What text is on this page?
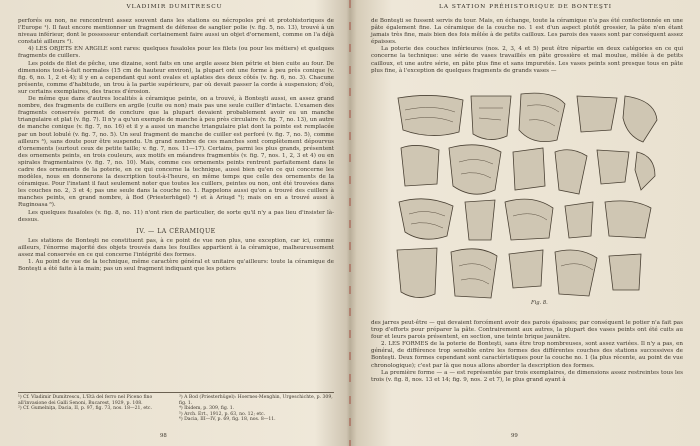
VLADIMIR DUMITRESCU

perforés ou non, ne rencontrent assez souvent dans les stations ou nécropoles pré et protohistoriques de l'Europe ¹). Il faut encore mentionner un fragment de défense de sanglier polie (v. fig. 5, no. 13), trouvé à un niveau inférieur, dont le possesseur entendait certainement faire aussi un objet d'ornement, comme on l'a déjà constaté ailleurs ²).

4) LES OBJETS EN ARGILE sont rares: quelques fusaïoles pour les filets (ou pour les métiers) et quelques fragments de cuillers.

Les poids de filet de pêche, une dizaine, sont faits en une argile assez bien pétrie et bien cuite au four. De dimensions tout-à-fait normales (15 cm de hauteur environ), la plupart ont une forme à peu près conique (v. fig. 6, no. 1, 2 et 4); il y en a cependant qui sont ovales et aplaties des deux côtés (v. fig. 6, no. 3). Chacune présente, comme d'habitude, un trou à la partie supérieure, par où devait passer la corde à suspension; d'où, sur certains exemplaires, des traces d'érosion.

De même que dans d'autres localités à céramique peinte, on a trouvé, à Bonteşti aussi, en assez grand nombre, des fragments de cuillers en argile (cuite ou non) mais pas une seule cuiller d'intacte. L'examen des fragments conservés permet de conclure que la plupart devaient probablement avoir eu un manche triangulaire et plat (v. fig. 7). Il n'y a qu'un exemple de manche à peu près circulaire (v. fig. 7, no. 13), un autre de manche conique (v. fig. 7, no. 16) et il y a aussi un manche triangulaire plat dont la pointe est remplacée par un bout lobulé (v. fig. 7, no. 5). Un seul fragment de manche de cuiller est perforé (v. fig. 7, no. 5), comme ailleurs ³), sans doute pour être suspendu. Un grand nombre de ces manches sont complètement dépourvus d'ornements (surtout ceux de petite taille; v. fig. 7, nos. 11—17). Certains, parmi les plus grands, présentent des ornements peints, en trois couleurs, aux motifs en méandres fragmentés (v. fig. 7, nos. 1, 2, 3 et 4) ou en spirales fragmentaires (v. fig. 7, no. 10). Mais, comme ces ornements peints rentrent parfaitement dans le cadre des ornements de la poterie, en ce qui concerne la technique, aussi bien qu'en ce qui concerne les modèles, nous en donnerons la description tout-à-l'heure, en même temps que celle des ornements de la céramique. Pour l'instant il faut seulement noter que toutes les cuillers, peintes ou non, ont été trouvées dans les couches no. 2, 3 et 4; pas une seule dans la couche no. 1. Rappelons aussi qu'on a trouvé des cuillers à manches peints, en grand nombre, à Bod (Priesterhügel) ⁴) et à Ariuşd ⁵); mais on en a trouvé aussi à Ruginoasa ⁶).

Les quelques fusaïoles (v. fig. 8, no. 11) n'ont rien de particulier, de sorte qu'il n'y a pas lieu d'insister là-dessus.

IV. — LA CÉRAMIQUE

Les stations de Bonteşti ne constituent pas, à ce point de vue non plus, une exception, car ici, comme ailleurs, l'énorme majorité des objets trouvés dans les fouilles appartient à la céramique, malheureusement assez mal conservée en ce qui concerne l'intégrité des formes.

1. Au point de vue de la technique, même caractère général et unitaire qu'ailleurs: toute la céramique de Bonteşti a été faite à la main; pas un seul fragment indiquant que les potiers

¹) Cf. Vladimir Dumitrescu, L'Età del ferro nel Piceno fino all'invasione dei Galli Senoni, Bucarest, 1929, p. 108.
²) Cf. Gumelniţa, Dacia, II, p. 97, fig. 73, nos. 18—21, etc.
³) A Bod (Priesterhügel): Hoernes-Menghin, Urgeschichte, p. 309, fig. 1.
⁴) Ibidem, p. 309, fig. 1.
⁵) Arch. Ert., 1912, p. 63, no. 12; etc.
⁶) Dacia, III—IV, p. 69, fig. 18, nos. 8—11.
98
LA STATION PRÉHISTORIQUE DE BONTEŞTI

de Bonteşti se fussent servis du tour. Mais, en échange, toute la céramique n'a pas été confectionnée en une pâte également fine. La céramique de la couche no. 1 est d'un aspect plutôt grossier, la pâte n'en étant jamais très fine, mais bien des fois mêlée à de petits cailloux. Les parois des vases sont par conséquent assez épaisses.

La poterie des couches inférieures (nos. 2, 3, 4 et 5) peut être répartie en deux catégories en ce qui concerne la technique: une série de vases travaillés en pâte grossière et mal moulue, mêlée à de petits cailloux, et une autre série, en pâte plus fine et sans impuretés. Les vases peints sont presque tous en pâte plus fine, à l'exception de quelques fragments de grands vases —

Fig. 8.

des jarres peut-être — qui devaient forcément avoir des parois épaisses; par conséquent le potier n'a fait pas trop d'efforts pour préparer la pâte. Contrairement aux autres, la plupart des vases peints ont été cuits au four et leurs parois présentent, en section, une teinte brique jaunâtre.

2. LES FORMES de la poterie de Bonteşti, sans être trop nombreuses, sont assez variées. Il n'y a pas, en général, de différence trop sensible entre les formes des différentes couches des stations successives de Bonteşti. Deux formes cependant sont caractéristiques pour la couche no. 1 (la plus récente, au point de vue chronologique); c'est par là que nous allons aborder la description des formes.

La première forme — a — est représentée par trois exemplaires, de dimensions assez restreintes tous les trois (v. fig. 8, nos. 13 et 14; fig. 9, nos. 2 et 7), le plus grand ayant à

99
